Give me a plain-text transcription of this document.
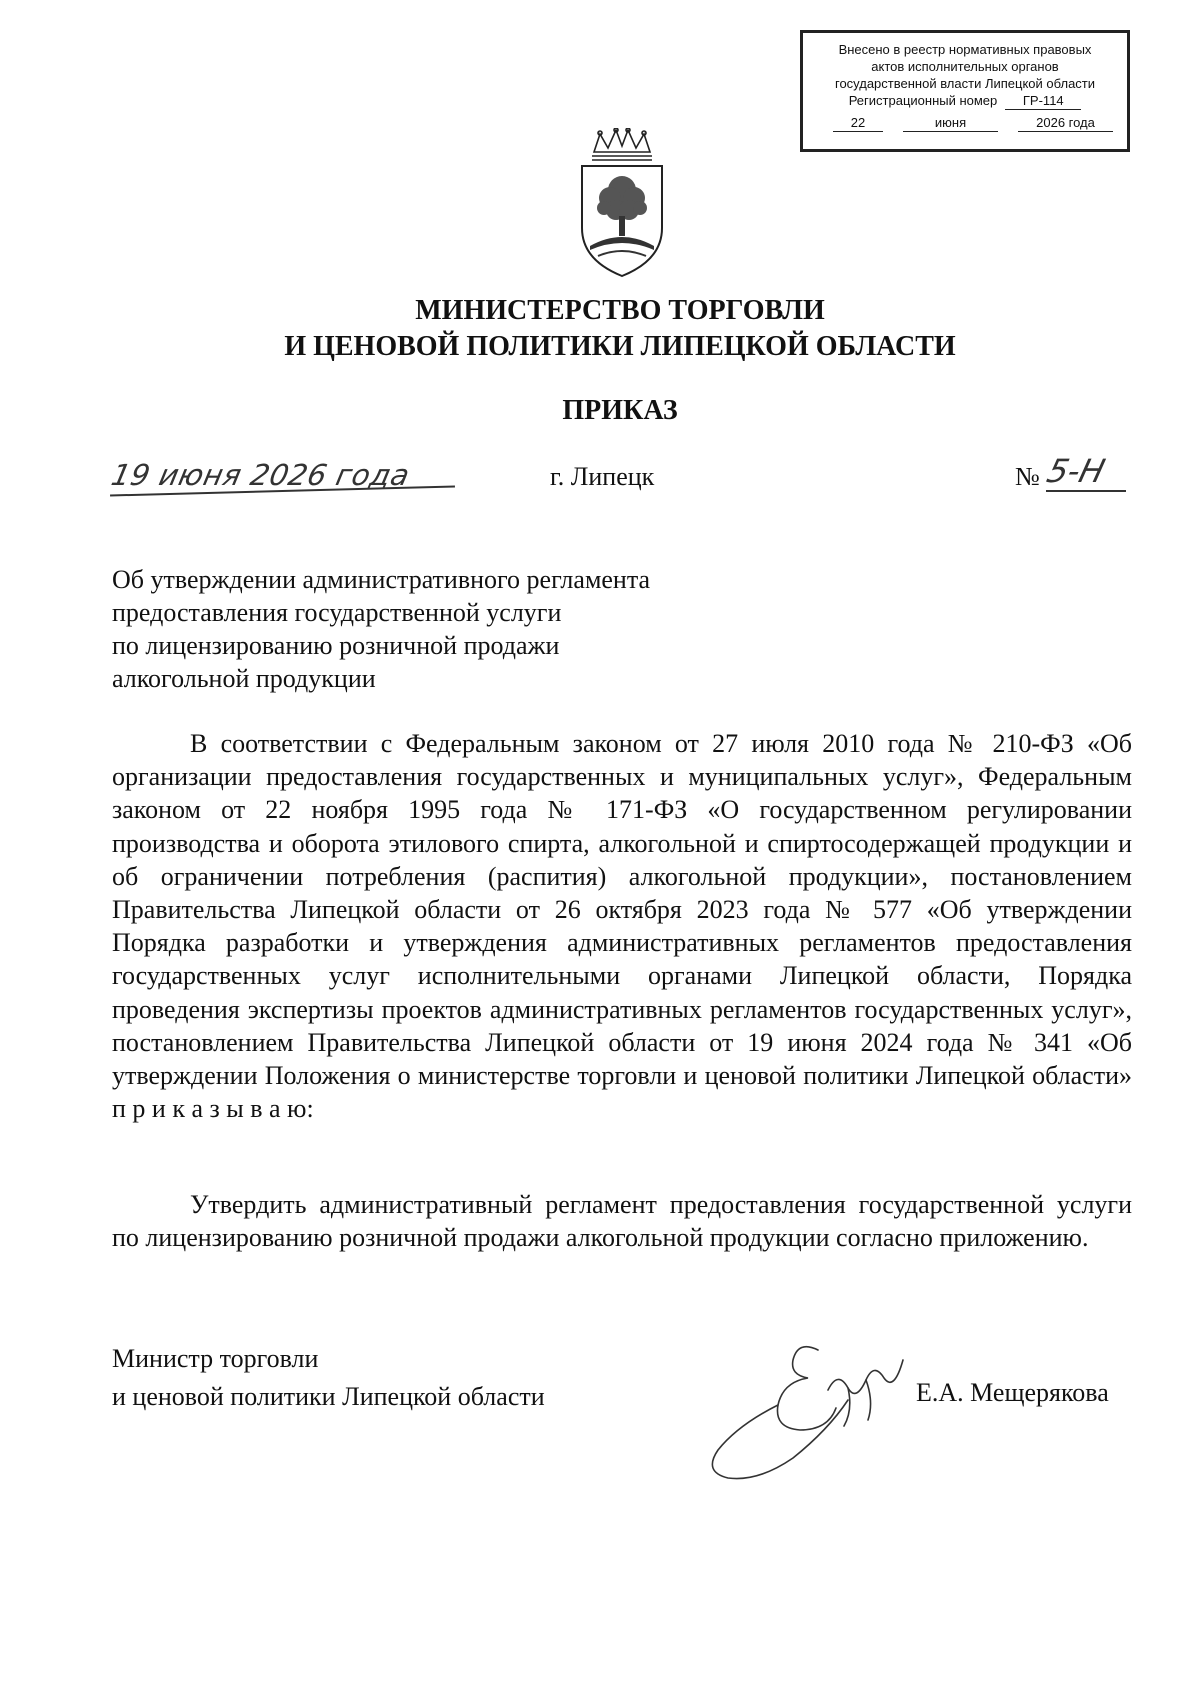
Внесено в реестр нормативных правовых
актов исполнительных органов
государственной власти Липецкой области
Регистрационный номер	ГР-114
22	июня	2026 года
МИНИСТЕРСТВО ТОРГОВЛИ
И ЦЕНОВОЙ ПОЛИТИКИ ЛИПЕЦКОЙ ОБЛАСТИ
ПРИКАЗ
19 июня 2026 года	г. Липецк	№ 5-Н
Об утверждении административного регламента
предоставления государственной услуги
по лицензированию розничной продажи
алкогольной продукции

В соответствии с Федеральным законом от 27 июля 2010 года № 210-ФЗ «Об организации предоставления государственных и муниципальных услуг», Федеральным законом от 22 ноября 1995 года № 171-ФЗ «О государственном регулировании производства и оборота этилового спирта, алкогольной и спиртосодержащей продукции и об ограничении потребления (распития) алкогольной продукции», постановлением Правительства Липецкой области от 26 октября 2023 года № 577 «Об утверждении Порядка разработки и утверждения административных регламентов предоставления государственных услуг исполнительными органами Липецкой области, Порядка проведения экспертизы проектов административных регламентов государственных услуг», постановлением Правительства Липецкой области от 19 июня 2024 года № 341 «Об утверждении Положения о министерстве торговли и ценовой политики Липецкой области» п р и к а з ы в а ю:

Утвердить административный регламент предоставления государственной услуги по лицензированию розничной продажи алкогольной продукции согласно приложению.

Министр торговли
и ценовой политики Липецкой области	Е.А. Мещерякова
